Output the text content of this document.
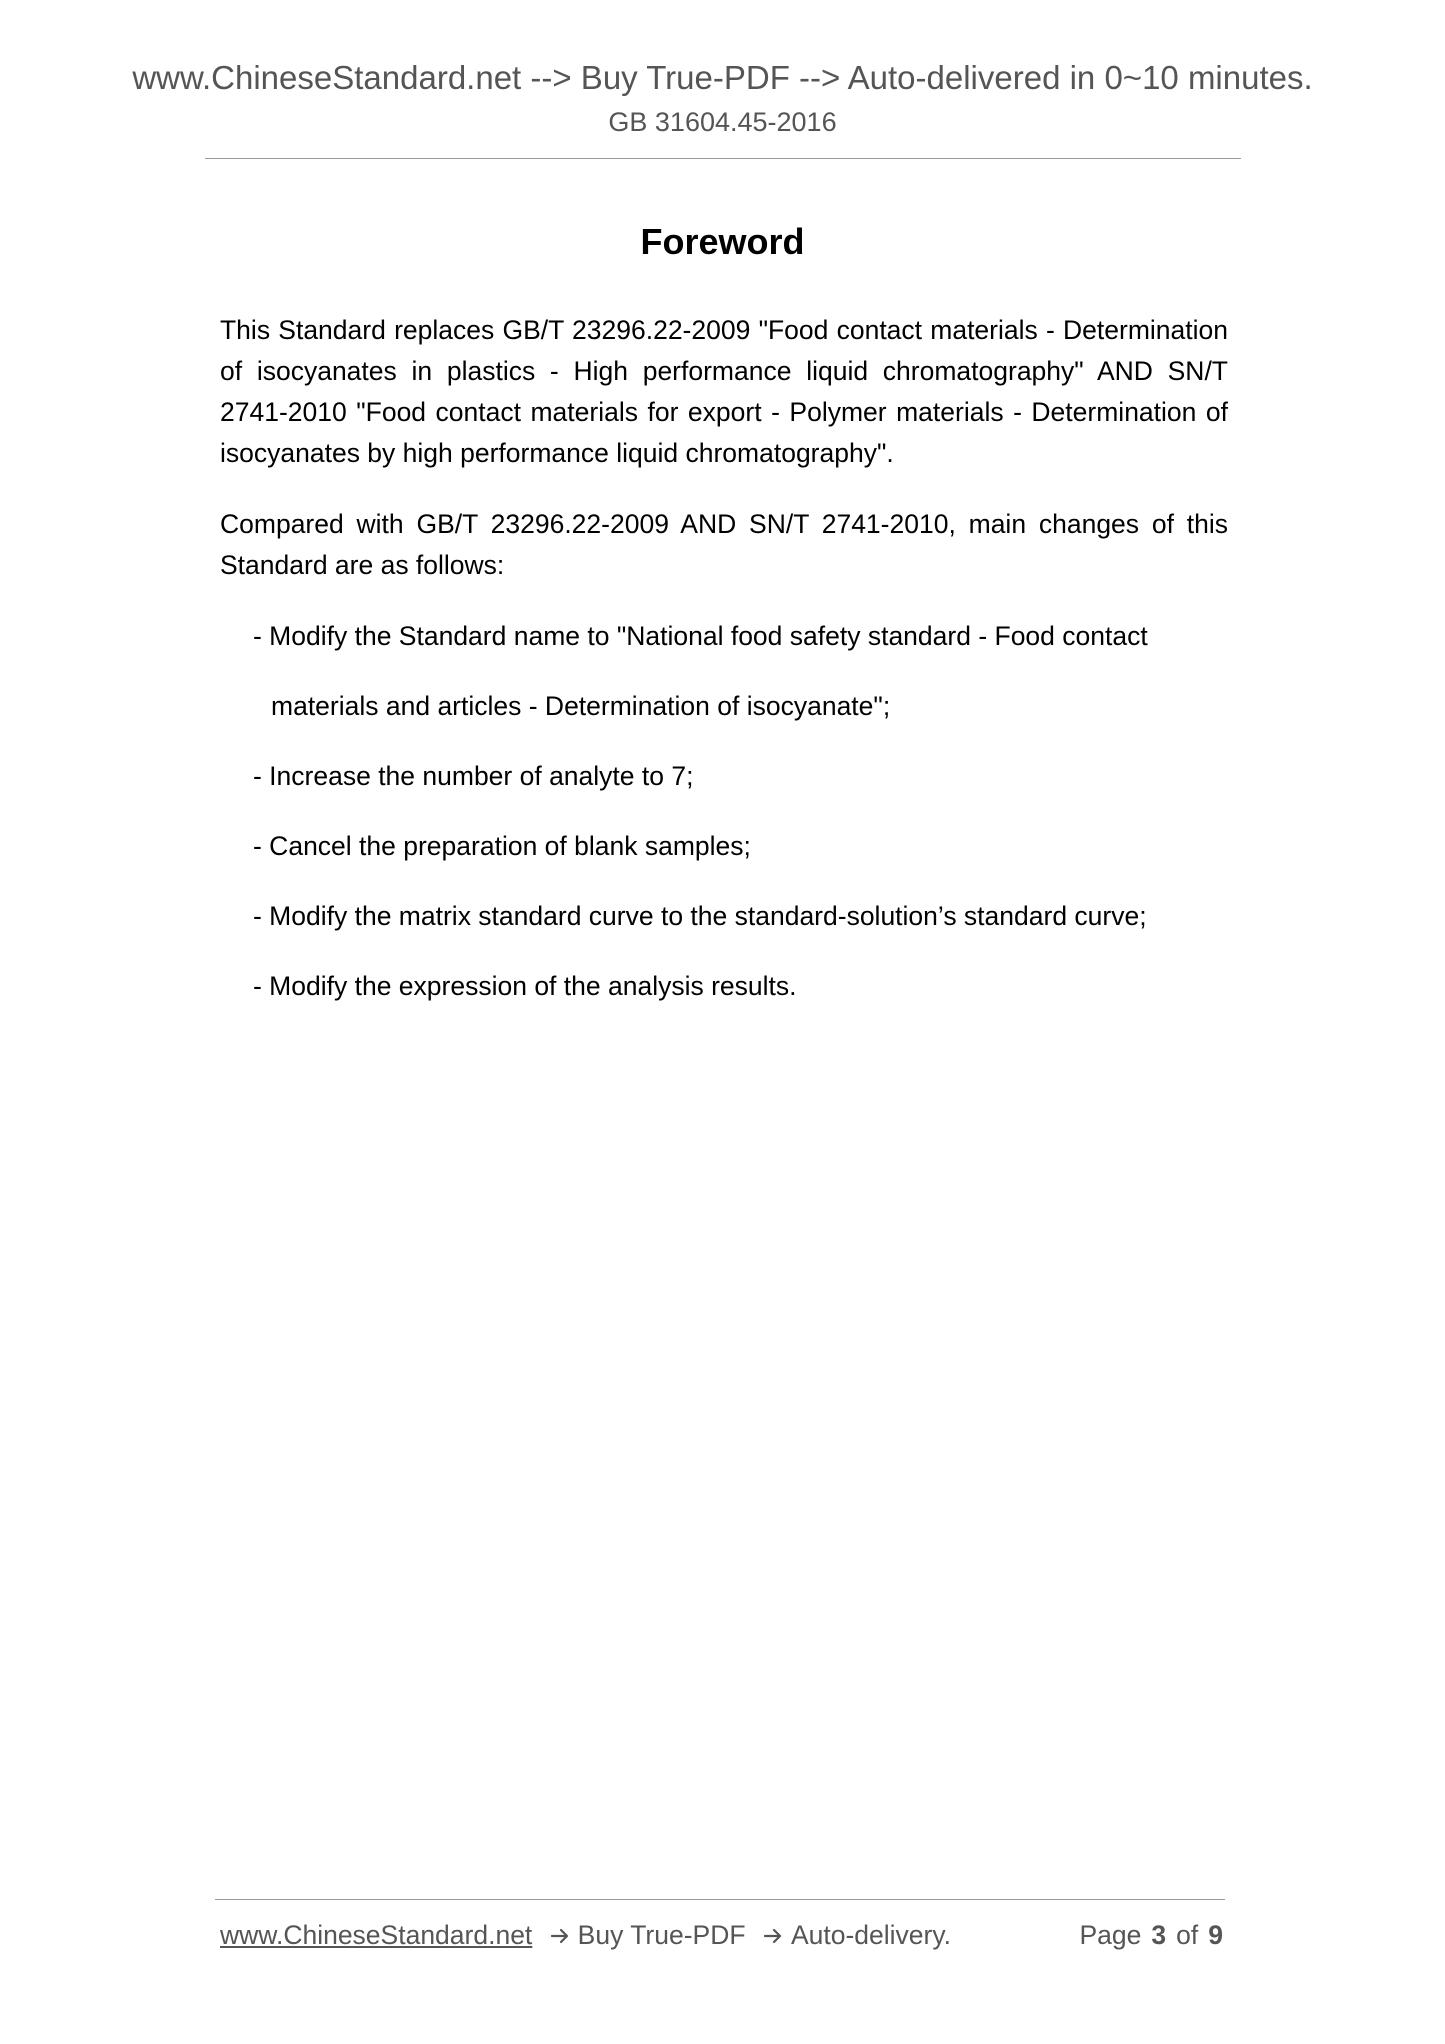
www.ChineseStandard.net --> Buy True-PDF --> Auto-delivered in 0~10 minutes.
GB 31604.45-2016
Foreword
This Standard replaces GB/T 23296.22-2009 "Food contact materials - Determination of isocyanates in plastics - High performance liquid chromatography" AND SN/T 2741-2010 "Food contact materials for export - Polymer materials - Determination of isocyanates by high performance liquid chromatography".
Compared with GB/T 23296.22-2009 AND SN/T 2741-2010, main changes of this Standard are as follows:
- Modify the Standard name to "National food safety standard - Food contact
materials and articles - Determination of isocyanate";
- Increase the number of analyte to 7;
- Cancel the preparation of blank samples;
- Modify the matrix standard curve to the standard-solution’s standard curve;
- Modify the expression of the analysis results.
www.ChineseStandard.net Buy True-PDF Auto-delivery.	Page 3 of 9
